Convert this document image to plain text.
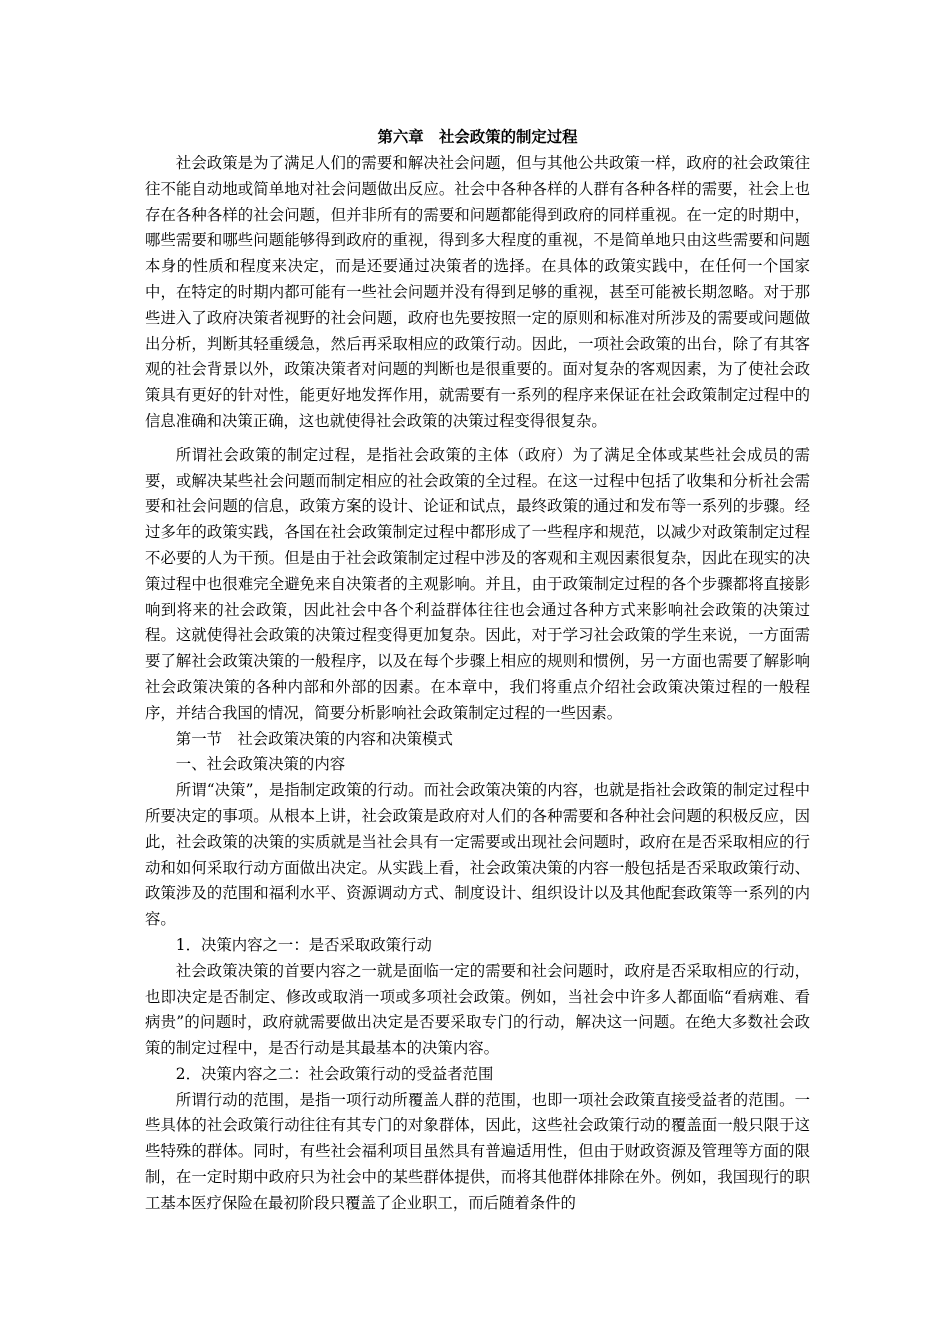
第六章　社会政策的制定过程

社会政策是为了满足人们的需要和解决社会问题，但与其他公共政策一样，政府的社会政策往往不能自动地或简单地对社会问题做出反应。社会中各种各样的人群有各种各样的需要，社会上也存在各种各样的社会问题，但并非所有的需要和问题都能得到政府的同样重视。在一定的时期中，哪些需要和哪些问题能够得到政府的重视，得到多大程度的重视，不是简单地只由这些需要和问题本身的性质和程度来决定，而是还要通过决策者的选择。在具体的政策实践中，在任何一个国家中，在特定的时期内都可能有一些社会问题并没有得到足够的重视，甚至可能被长期忽略。对于那些进入了政府决策者视野的社会问题，政府也先要按照一定的原则和标准对所涉及的需要或问题做出分析，判断其轻重缓急，然后再采取相应的政策行动。因此，一项社会政策的出台，除了有其客观的社会背景以外，政策决策者对问题的判断也是很重要的。面对复杂的客观因素，为了使社会政策具有更好的针对性，能更好地发挥作用，就需要有一系列的程序来保证在社会政策制定过程中的信息准确和决策正确，这也就使得社会政策的决策过程变得很复杂。

所谓社会政策的制定过程，是指社会政策的主体（政府）为了满足全体或某些社会成员的需要，或解决某些社会问题而制定相应的社会政策的全过程。在这一过程中包括了收集和分析社会需要和社会问题的信息，政策方案的设计、论证和试点，最终政策的通过和发布等一系列的步骤。经过多年的政策实践，各国在社会政策制定过程中都形成了一些程序和规范，以减少对政策制定过程不必要的人为干预。但是由于社会政策制定过程中涉及的客观和主观因素很复杂，因此在现实的决策过程中也很难完全避免来自决策者的主观影响。并且，由于政策制定过程的各个步骤都将直接影响到将来的社会政策，因此社会中各个利益群体往往也会通过各种方式来影响社会政策的决策过程。这就使得社会政策的决策过程变得更加复杂。因此，对于学习社会政策的学生来说，一方面需要了解社会政策决策的一般程序，以及在每个步骤上相应的规则和惯例，另一方面也需要了解影响社会政策决策的各种内部和外部的因素。在本章中，我们将重点介绍社会政策决策过程的一般程序，并结合我国的情况，简要分析影响社会政策制定过程的一些因素。

第一节　社会政策决策的内容和决策模式

一、社会政策决策的内容

所谓“决策”，是指制定政策的行动。而社会政策决策的内容，也就是指社会政策的制定过程中所要决定的事项。从根本上讲，社会政策是政府对人们的各种需要和各种社会问题的积极反应，因此，社会政策的决策的实质就是当社会具有一定需要或出现社会问题时，政府在是否采取相应的行动和如何采取行动方面做出决定。从实践上看，社会政策决策的内容一般包括是否采取政策行动、政策涉及的范围和福利水平、资源调动方式、制度设计、组织设计以及其他配套政策等一系列的内容。

1．决策内容之一：是否采取政策行动

社会政策决策的首要内容之一就是面临一定的需要和社会问题时，政府是否采取相应的行动，也即决定是否制定、修改或取消一项或多项社会政策。例如，当社会中许多人都面临“看病难、看病贵”的问题时，政府就需要做出决定是否要采取专门的行动，解决这一问题。在绝大多数社会政策的制定过程中，是否行动是其最基本的决策内容。

2．决策内容之二：社会政策行动的受益者范围

所谓行动的范围，是指一项行动所覆盖人群的范围，也即一项社会政策直接受益者的范围。一些具体的社会政策行动往往有其专门的对象群体，因此，这些社会政策行动的覆盖面一般只限于这些特殊的群体。同时，有些社会福利项目虽然具有普遍适用性，但由于财政资源及管理等方面的限制，在一定时期中政府只为社会中的某些群体提供，而将其他群体排除在外。例如，我国现行的职工基本医疗保险在最初阶段只覆盖了企业职工，而后随着条件的
